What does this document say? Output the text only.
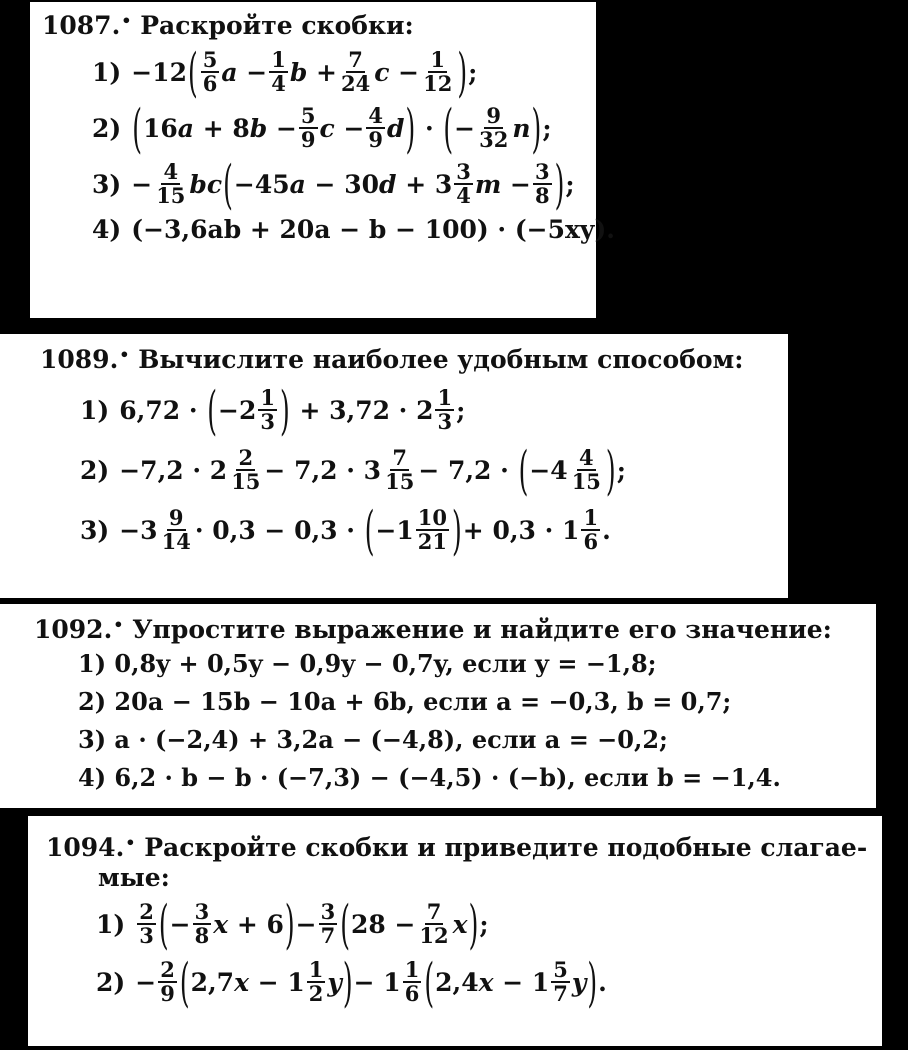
1087.• Раскройте скобки:
1) −12 ( $\frac{5}{6}$ $a - \frac{1}{4}$ $b + \frac{7}{24}$ $c - \frac{1}{12}$ ) ;
2) ( 16 a + 8 $b - \frac{5}{9}$ $c - \frac{4}{9}$ d ) · ( − $\frac{9}{32}$ n ) ;
$3) - \frac{4}{15}$ bc ( −45 a − 30 $d + 3 \frac{3}{4}$ $m - \frac{3}{8}$ ) ;
4) (−3,6ab + 20a − b − 100) · (−5xy).
1089.• Вычислите наиболее удобным способом:
1) 6,72 · ( $-2 \frac{1}{3}$ ) + $3,72 \cdot 2 \frac{1}{3}$ ;
$2) -7,2 \cdot 2 \frac{2}{15} - 7,2 \cdot 3 \frac{7}{15} - 7,2$ · ( $-4 \frac{4}{15}$ ) ;
$3) -3 \frac{9}{14} \cdot 0,3 - 0,3$ · ( $-1 \frac{10}{21}$ ) + $0,3 \cdot 1 \frac{1}{6}$ .
1092.• Упростите выражение и найдите его значение:
1) 0,8y + 0,5y − 0,9y − 0,7y, если y = −1,8;
2) 20a − 15b − 10a + 6b, если a = −0,3, b = 0,7;
3) a · (−2,4) + 3,2a − (−4,8), если a = −0,2;
4) 6,2 · b − b · (−7,3) − (−4,5) · (−b), если b = −1,4.
1094.• Раскройте скобки и приведите подобные слагае-
мые:
$1) \frac{2}{3}$ ( − $\frac{3}{8}$ x + 6 ) − $\frac{3}{7}$ ( $28 - \frac{7}{12}$ x ) ;
$2) - \frac{2}{9}$ ( 2,7 $x - 1 \frac{1}{2}$ y ) − $1 \frac{1}{6}$ ( 2,4 $x - 1 \frac{5}{7}$ y ) .
